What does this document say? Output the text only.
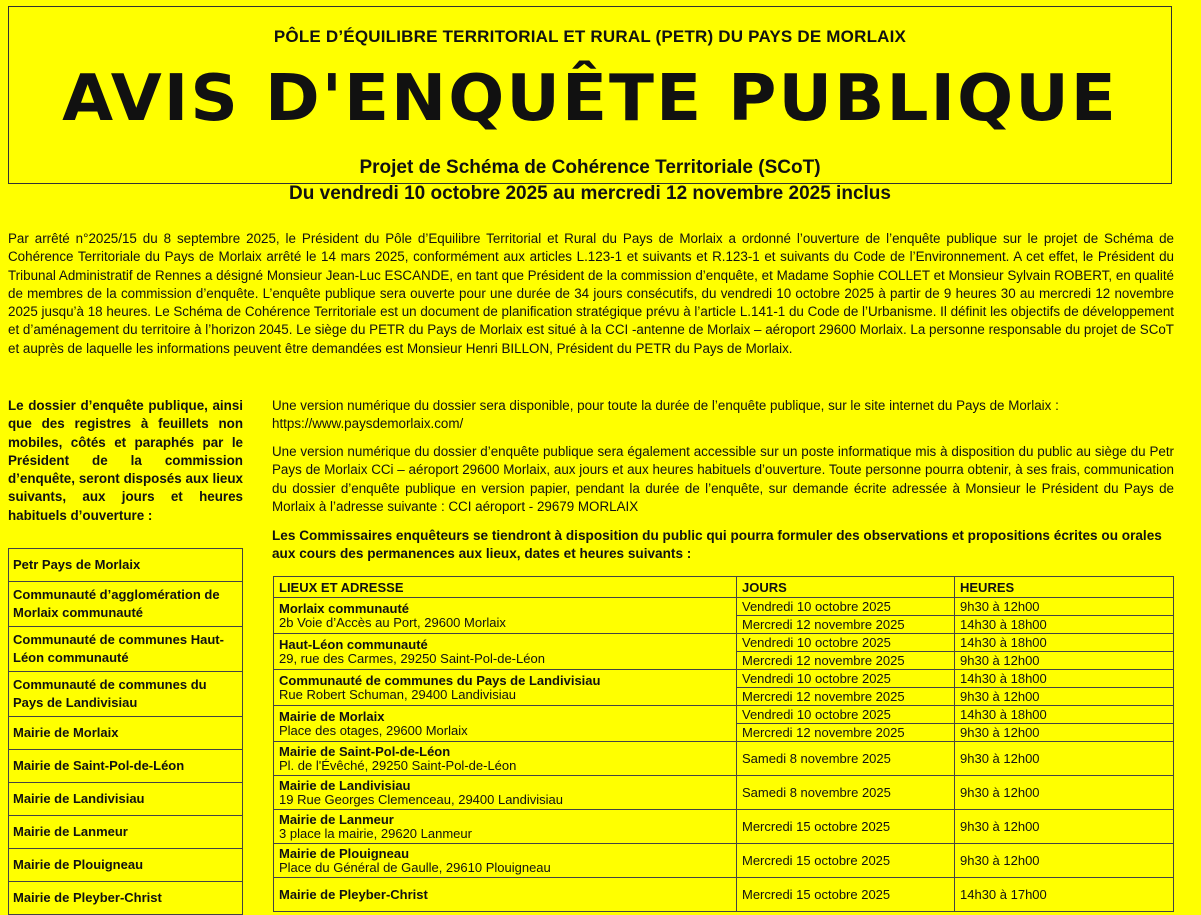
PÔLE D’ÉQUILIBRE TERRITORIAL ET RURAL (PETR) DU PAYS DE MORLAIX
AVIS D'ENQUÊTE PUBLIQUE
Projet de Schéma de Cohérence Territoriale (SCoT)
Du vendredi 10 octobre 2025 au mercredi 12 novembre 2025 inclus

Par arrêté n°2025/15 du 8 septembre 2025, le Président du Pôle d’Equilibre Territorial et Rural du Pays de Morlaix a ordonné l’ouverture de l’enquête publique sur le projet de Schéma de Cohérence Territoriale du Pays de Morlaix arrêté le 14 mars 2025, conformément aux articles L.123-1 et suivants et R.123-1 et suivants du Code de l’Environnement. A cet effet, le Président du Tribunal Administratif de Rennes a désigné Monsieur Jean-Luc ESCANDE, en tant que Président de la commission d’enquête, et Madame Sophie COLLET et Monsieur Sylvain ROBERT, en qualité de membres de la commission d’enquête. L’enquête publique sera ouverte pour une durée de 34 jours consécutifs, du vendredi 10 octobre 2025 à partir de 9 heures 30 au mercredi 12 novembre 2025 jusqu’à 18 heures. Le Schéma de Cohérence Territoriale est un document de planification stratégique prévu à l’article L.141-1 du Code de l’Urbanisme. Il définit les objectifs de développement et d’aménagement du territoire à l’horizon 2045. Le siège du PETR du Pays de Morlaix est situé à la CCI -antenne de Morlaix – aéroport 29600 Morlaix. La personne responsable du projet de SCoT et auprès de laquelle les informations peuvent être demandées est Monsieur Henri BILLON, Président du PETR du Pays de Morlaix.

Le dossier d’enquête publique, ainsi que des registres à feuillets non mobiles, côtés et paraphés par le Président de la commission d’enquête, seront disposés aux lieux suivants, aux jours et heures habituels d’ouverture :

Une version numérique du dossier sera disponible, pour toute la durée de l’enquête publique, sur le site internet du Pays de Morlaix : https://www.paysdemorlaix.com/

Une version numérique du dossier d’enquête publique sera également accessible sur un poste informatique mis à disposition du public au siège du Petr Pays de Morlaix CCi – aéroport 29600 Morlaix, aux jours et aux heures habituels d’ouverture. Toute personne pourra obtenir, à ses frais, communication du dossier d’enquête publique en version papier, pendant la durée de l’enquête, sur demande écrite adressée à Monsieur le Président du Pays de Morlaix à l’adresse suivante : CCI aéroport - 29679 MORLAIX

Les Commissaires enquêteurs se tiendront à disposition du public qui pourra formuler des observations et propositions écrites ou orales aux cours des permanences aux lieux, dates et heures suivants :

Petr Pays de Morlaix
Communauté d’agglomération de Morlaix communauté
Communauté de communes Haut-Léon communauté
Communauté de communes du Pays de Landivisiau
Mairie de Morlaix
Mairie de Saint-Pol-de-Léon
Mairie de Landivisiau
Mairie de Lanmeur
Mairie de Plouigneau
Mairie de Pleyber-Christ
LIEUX ET ADRESSE	JOURS	HEURES

Morlaix communauté
2b Voie d’Accès au Port, 29600 Morlaix	Vendredi 10 octobre 2025	9h30 à 12h00
	Mercredi 12 novembre 2025	14h30 à 18h00

Haut-Léon communauté
29, rue des Carmes, 29250 Saint-Pol-de-Léon	Vendredi 10 octobre 2025	14h30 à 18h00
	Mercredi 12 novembre 2025	9h30 à 12h00

Communauté de communes du Pays de Landivisiau
Rue Robert Schuman, 29400 Landivisiau	Vendredi 10 octobre 2025	14h30 à 18h00
	Mercredi 12 novembre 2025	9h30 à 12h00

Mairie de Morlaix
Place des otages, 29600 Morlaix	Vendredi 10 octobre 2025	14h30 à 18h00
	Mercredi 12 novembre 2025	9h30 à 12h00

Mairie de Saint-Pol-de-Léon
Pl. de l'Évêché, 29250 Saint-Pol-de-Léon	Samedi 8 novembre 2025	9h30 à 12h00

Mairie de Landivisiau
19 Rue Georges Clemenceau, 29400 Landivisiau	Samedi 8 novembre 2025	9h30 à 12h00

Mairie de Lanmeur
3 place la mairie, 29620 Lanmeur	Mercredi 15 octobre 2025	9h30 à 12h00

Mairie de Plouigneau
Place du Général de Gaulle, 29610 Plouigneau	Mercredi 15 octobre 2025	9h30 à 12h00

Mairie de Pleyber-Christ	Mercredi 15 octobre 2025	14h30 à 17h00
